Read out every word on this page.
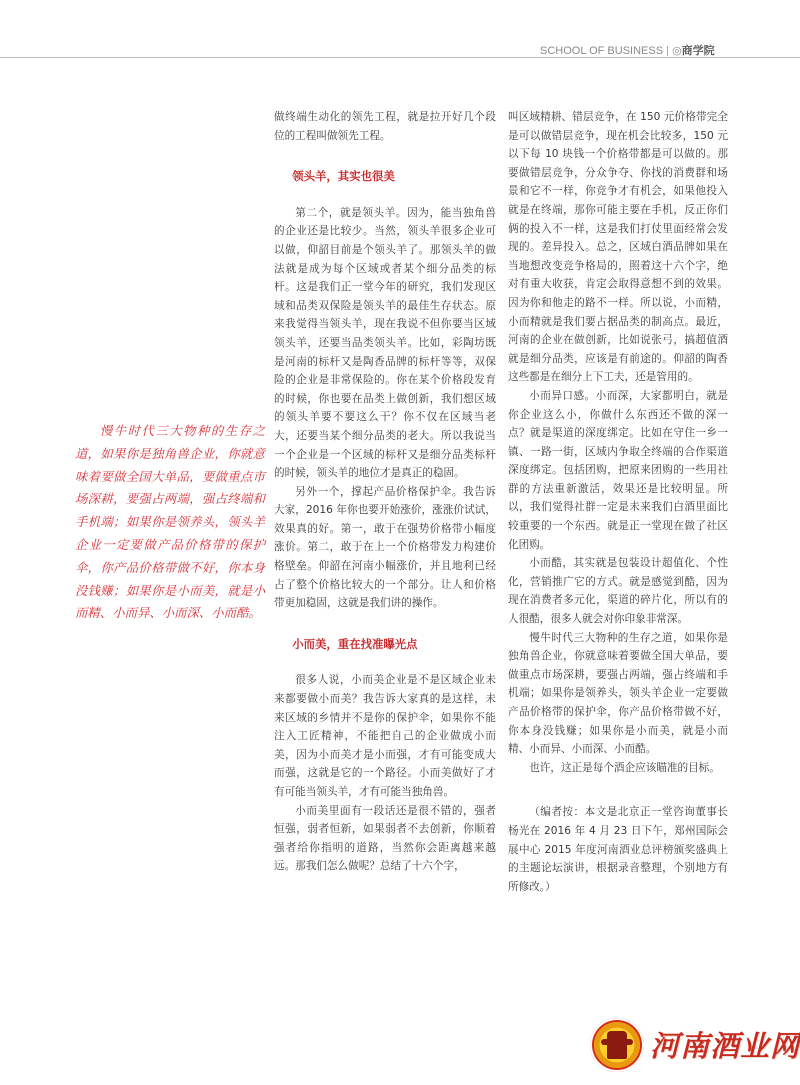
SCHOOL OF BUSINESS ◎商学院

慢牛时代三大物种的生存之道，如果你是独角兽企业，你就意味着要做全国大单品，要做重点市场深耕，要强占两端，强占终端和手机端；如果你是领养头，领头羊企业一定要做产品价格带的保护伞，你产品价格带做不好，你本身没钱赚；如果你是小而美，就是小而精、小而异、小而深、小而酷。

做终端生动化的领先工程，就是拉开好几个段位的工程叫做领先工程。

领头羊，其实也很美

第二个，就是领头羊。因为，能当独角兽的企业还是比较少。当然，领头羊很多企业可以做，仰韶目前是个领头羊了。那领头羊的做法就是成为每个区域或者某个细分品类的标杆。这是我们正一堂今年的研究，我们发现区域和品类双保险是领头羊的最佳生存状态。原来我觉得当领头羊，现在我说不但你要当区域领头羊，还要当品类领头羊。比如，彩陶坊既是河南的标杆又是陶香品牌的标杆等等，双保险的企业是非常保险的。你在某个价格段发育的时候，你也要在品类上做创新，我们想区域的领头羊要不要这么干？你不仅在区域当老大，还要当某个细分品类的老大。所以我说当一个企业是一个区域的标杆又是细分品类标杆的时候，领头羊的地位才是真正的稳固。

另外一个，撑起产品价格保护伞。我告诉大家，2016 年你也要开始涨价，涨涨价试试，效果真的好。第一，敢于在强势价格带小幅度涨价。第二，敢于在上一个价格带发力构建价格壁垒。仰韶在河南小幅涨价，并且地利已经占了整个价格比较大的一个部分。让人和价格带更加稳固，这就是我们讲的操作。

小而美，重在找准曝光点

很多人说，小而美企业是不是区域企业未来都要做小而美？我告诉大家真的是这样，未来区域的乡情并不是你的保护伞，如果你不能注入工匠精神，不能把自己的企业做成小而美，因为小而美才是小而强，才有可能变成大而强，这就是它的一个路径。小而美做好了才有可能当领头羊，才有可能当独角兽。

小而美里面有一段话还是很不错的，强者恒强，弱者恒新，如果弱者不去创新，你顺着强者给你指明的道路，当然你会距离越来越远。那我们怎么做呢？总结了十六个字，

叫区域精耕、错层竞争，在 150 元价格带完全是可以做错层竞争，现在机会比较多，150 元以下每 10 块钱一个价格带都是可以做的。那要做错层竞争，分众争夺、你找的消费群和场景和它不一样，你竞争才有机会，如果他投入就是在终端，那你可能主要在手机，反正你们俩的投入不一样，这是我们打仗里面经常会发现的。差异投入。总之，区域白酒品牌如果在当地想改变竞争格局的，照着这十六个字，绝对有重大收获，肯定会取得意想不到的效果。因为你和他走的路不一样。所以说，小而精，小而精就是我们要占据品类的制高点。最近，河南的企业在做创新，比如说张弓，搞超值酒就是细分品类，应该是有前途的。仰韶的陶香这些都是在细分上下工夫，还是管用的。

小而异口感。小而深，大家都明白，就是你企业这么小，你做什么东西还不做的深一点？就是渠道的深度绑定。比如在守住一乡一镇、一路一街，区域内争取全终端的合作渠道深度绑定。包括团购，把原来团购的一些用社群的方法重新激活，效果还是比较明显。所以，我们觉得社群一定是未来我们白酒里面比较重要的一个东西。就是正一堂现在做了社区化团购。

小而酷，其实就是包装设计超值化、个性化，营销推广它的方式。就是感觉到酷，因为现在消费者多元化，渠道的碎片化，所以有的人很酷，很多人就会对你印象非常深。

慢牛时代三大物种的生存之道，如果你是独角兽企业，你就意味着要做全国大单品，要做重点市场深耕，要强占两端，强占终端和手机端；如果你是领养头，领头羊企业一定要做产品价格带的保护伞，你产品价格带做不好，你本身没钱赚；如果你是小而美，就是小而精、小而异、小而深、小而酷。

也许，这正是每个酒企应该瞄准的目标。

（编者按：本文是北京正一堂咨询董事长杨光在 2016 年 4 月 23 日下午，郑州国际会展中心 2015 年度河南酒业总评榜颁奖盛典上的主题论坛演讲，根据录音整理，个别地方有所修改。）

河南酒业网
